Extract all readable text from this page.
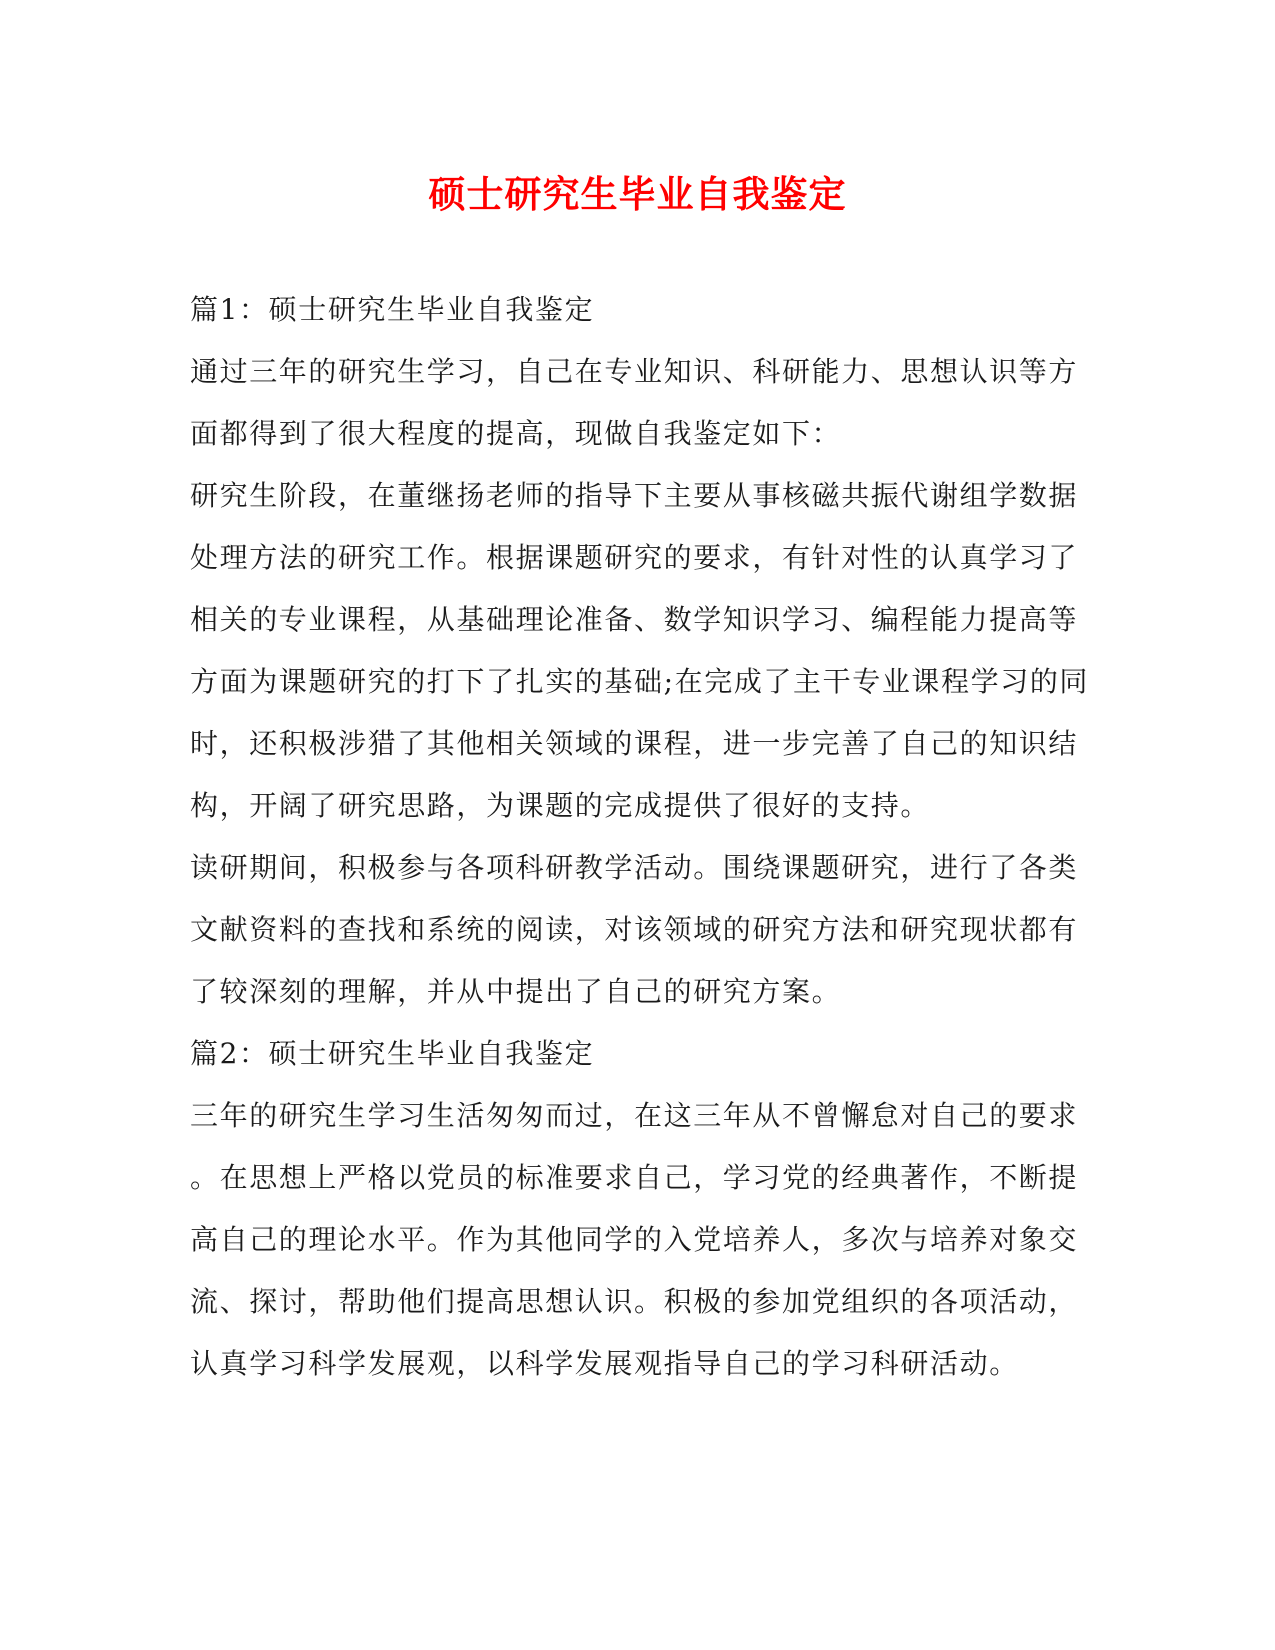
硕士研究生毕业自我鉴定
篇1：硕士研究生毕业自我鉴定
通过三年的研究生学习，自己在专业知识、科研能力、思想认识等方
面都得到了很大程度的提高，现做自我鉴定如下：
研究生阶段，在董继扬老师的指导下主要从事核磁共振代谢组学数据
处理方法的研究工作。根据课题研究的要求，有针对性的认真学习了
相关的专业课程，从基础理论准备、数学知识学习、编程能力提高等
方面为课题研究的打下了扎实的基础;在完成了主干专业课程学习的同
时，还积极涉猎了其他相关领域的课程，进一步完善了自己的知识结
构，开阔了研究思路，为课题的完成提供了很好的支持。
读研期间，积极参与各项科研教学活动。围绕课题研究，进行了各类
文献资料的查找和系统的阅读，对该领域的研究方法和研究现状都有
了较深刻的理解，并从中提出了自己的研究方案。
篇2：硕士研究生毕业自我鉴定
三年的研究生学习生活匆匆而过，在这三年从不曾懈怠对自己的要求
。在思想上严格以党员的标准要求自己，学习党的经典著作，不断提
高自己的理论水平。作为其他同学的入党培养人，多次与培养对象交
流、探讨，帮助他们提高思想认识。积极的参加党组织的各项活动，
认真学习科学发展观，以科学发展观指导自己的学习科研活动。
